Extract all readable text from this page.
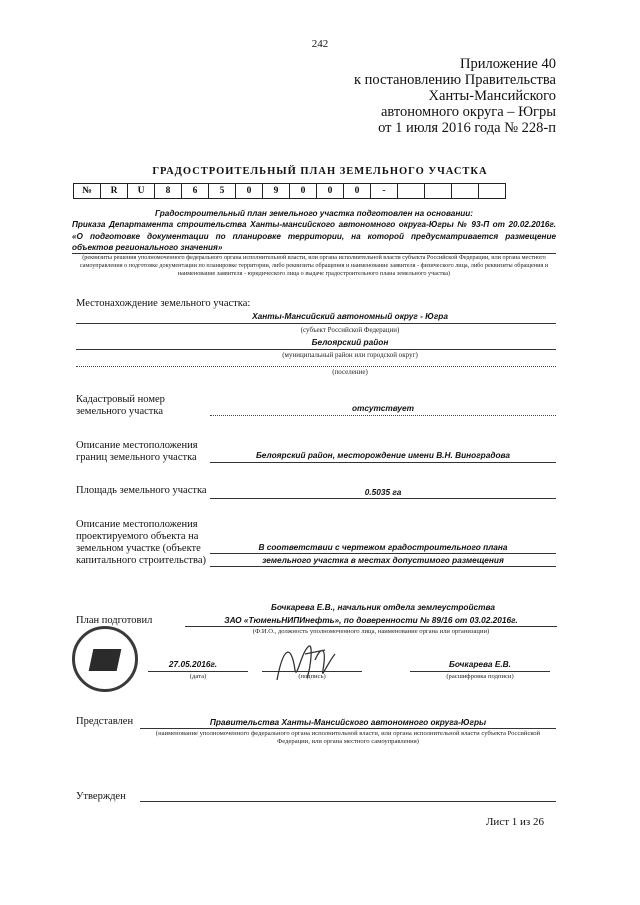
242
Приложение 40
к постановлению Правительства
Ханты-Мансийского
автономного округа – Югры
от 1 июля 2016 года № 228-п
ГРАДОСТРОИТЕЛЬНЫЙ ПЛАН ЗЕМЕЛЬНОГО УЧАСТКА
№	R	U	8	6	5	0	9	0	0	0	-				
Градостроительный план земельного участка подготовлен на основании:
Приказа Департамента строительства Ханты-мансийского автономного округа-Югры № 93-П от 20.02.2016г. «О подготовке документации по планировке территории, на которой предусматривается размещение объектов регионального значения»
(реквизиты решения уполномоченного федерального органа исполнительной власти, или органа исполнительной власти субъекта Российской Федерации, или органа местного самоуправления о подготовке документации по планировке территории, либо реквизиты обращения и наименование заявителя - физического лица, либо реквизиты обращения и наименование заявителя - юридического лица о выдаче градостроительного плана земельного участка)
Местонахождение земельного участка:
Ханты-Мансийский автономный округ - Югра
(субъект Российской Федерации)
Белоярский район
(муниципальный район или городской округ)
(поселение)
Кадастровый номер
земельного участка	отсутствует
Описание местоположения
границ земельного участка	Белоярский район, месторождение имени В.Н. Виноградова
Площадь земельного участка	0.5035 га
Описание местоположения
проектируемого объекта на
земельном участке (объекте
капитального строительства)
В соответствии с чертежом градостроительного плана
земельного участка в местах допустимого размещения
План подготовил
Бочкарева Е.В., начальник отдела землеустройства
ЗАО «ТюменьНИПИнефть», по доверенности № 89/16 от 03.02.2016г.
(Ф.И.О., должность уполномоченного лица, наименование органа или организации)
27.05.2016г.
(дата)	(подпись)
Бочкарева Е.В.
(расшифровка подписи)
Представлен	Правительства Ханты-Мансийского автономного округа-Югры
(наименование уполномоченного федерального органа исполнительной власти, или органа исполнительной власти субъекта Российской Федерации, или органа местного самоуправления)
Утвержден
Лист 1 из 26
